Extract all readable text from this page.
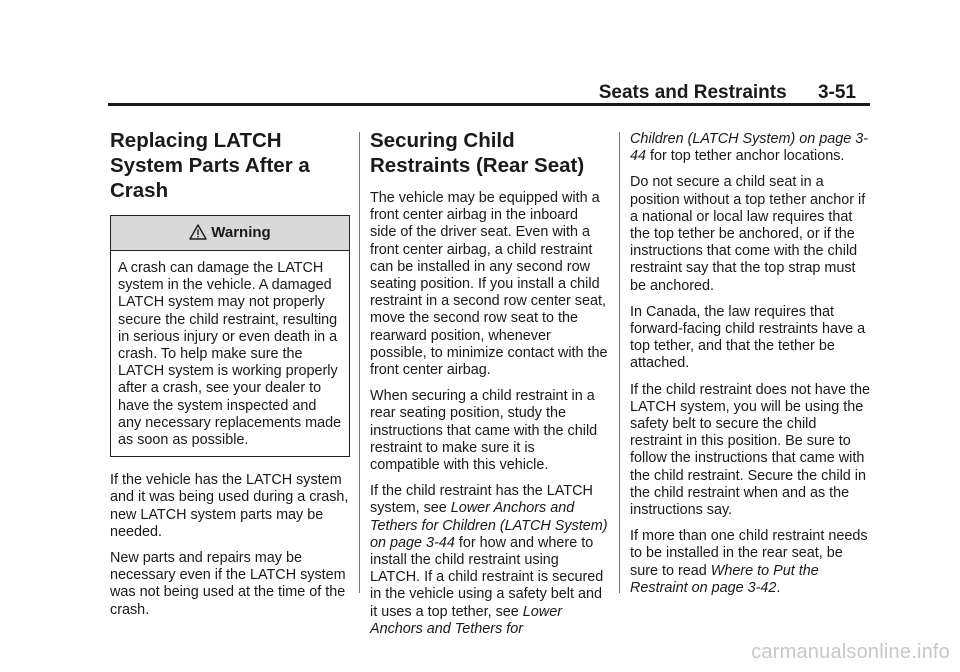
Seats and Restraints 3-51
Replacing LATCH System Parts After a Crash
Warning

A crash can damage the LATCH system in the vehicle. A damaged LATCH system may not properly secure the child restraint, resulting in serious injury or even death in a crash. To help make sure the LATCH system is working properly after a crash, see your dealer to have the system inspected and any necessary replacements made as soon as possible.

If the vehicle has the LATCH system and it was being used during a crash, new LATCH system parts may be needed.

New parts and repairs may be necessary even if the LATCH system was not being used at the time of the crash.

Securing Child Restraints (Rear Seat)

The vehicle may be equipped with a front center airbag in the inboard side of the driver seat. Even with a front center airbag, a child restraint can be installed in any second row seating position. If you install a child restraint in a second row center seat, move the second row seat to the rearward position, whenever possible, to minimize contact with the front center airbag.

When securing a child restraint in a rear seating position, study the instructions that came with the child restraint to make sure it is compatible with this vehicle.

If the child restraint has the LATCH system, see Lower Anchors and Tethers for Children (LATCH System) on page 3-44 for how and where to install the child restraint using LATCH. If a child restraint is secured in the vehicle using a safety belt and it uses a top tether, see Lower Anchors and Tethers for

Children (LATCH System) on page 3-44 for top tether anchor locations.

Do not secure a child seat in a position without a top tether anchor if a national or local law requires that the top tether be anchored, or if the instructions that come with the child restraint say that the top strap must be anchored.

In Canada, the law requires that forward-facing child restraints have a top tether, and that the tether be attached.

If the child restraint does not have the LATCH system, you will be using the safety belt to secure the child restraint in this position. Be sure to follow the instructions that came with the child restraint. Secure the child in the child restraint when and as the instructions say.

If more than one child restraint needs to be installed in the rear seat, be sure to read Where to Put the Restraint on page 3-42.

carmanualsonline.info
